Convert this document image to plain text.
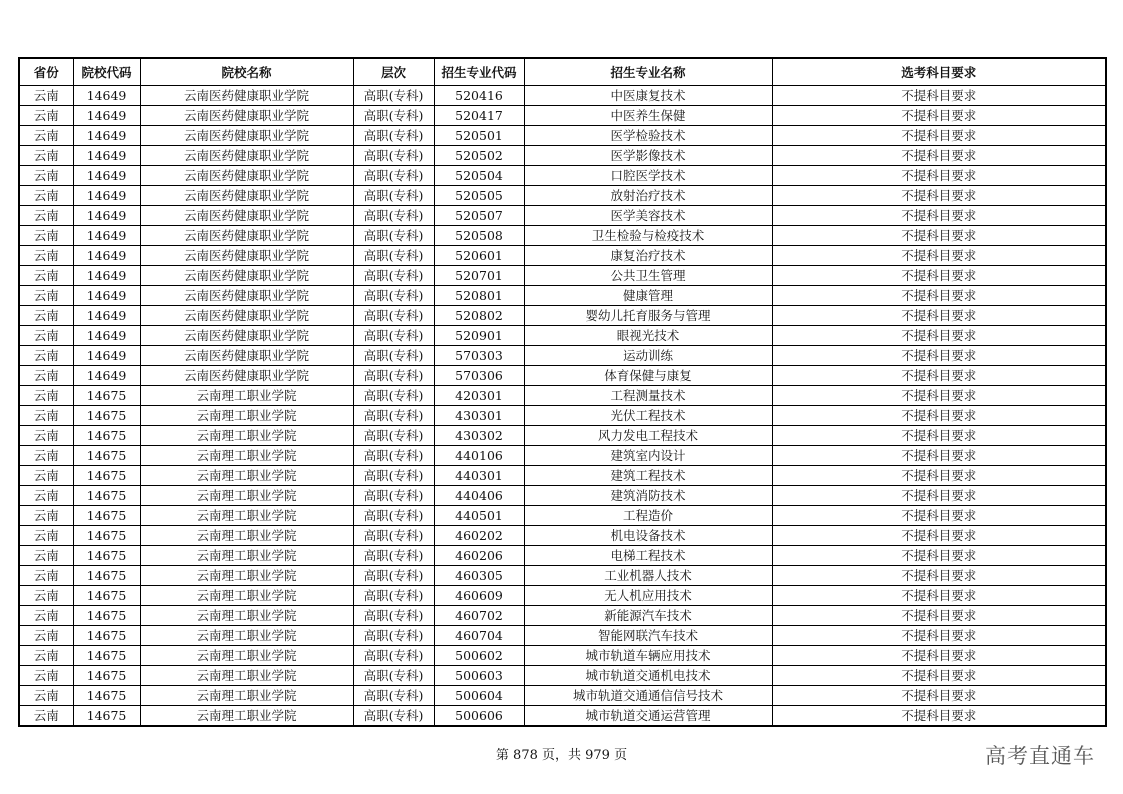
省份	院校代码	院校名称	层次	招生专业代码	招生专业名称	选考科目要求
云南	14649	云南医药健康职业学院	高职(专科)	520416	中医康复技术	不提科目要求
云南	14649	云南医药健康职业学院	高职(专科)	520417	中医养生保健	不提科目要求
云南	14649	云南医药健康职业学院	高职(专科)	520501	医学检验技术	不提科目要求
云南	14649	云南医药健康职业学院	高职(专科)	520502	医学影像技术	不提科目要求
云南	14649	云南医药健康职业学院	高职(专科)	520504	口腔医学技术	不提科目要求
云南	14649	云南医药健康职业学院	高职(专科)	520505	放射治疗技术	不提科目要求
云南	14649	云南医药健康职业学院	高职(专科)	520507	医学美容技术	不提科目要求
云南	14649	云南医药健康职业学院	高职(专科)	520508	卫生检验与检疫技术	不提科目要求
云南	14649	云南医药健康职业学院	高职(专科)	520601	康复治疗技术	不提科目要求
云南	14649	云南医药健康职业学院	高职(专科)	520701	公共卫生管理	不提科目要求
云南	14649	云南医药健康职业学院	高职(专科)	520801	健康管理	不提科目要求
云南	14649	云南医药健康职业学院	高职(专科)	520802	婴幼儿托育服务与管理	不提科目要求
云南	14649	云南医药健康职业学院	高职(专科)	520901	眼视光技术	不提科目要求
云南	14649	云南医药健康职业学院	高职(专科)	570303	运动训练	不提科目要求
云南	14649	云南医药健康职业学院	高职(专科)	570306	体育保健与康复	不提科目要求
云南	14675	云南理工职业学院	高职(专科)	420301	工程测量技术	不提科目要求
云南	14675	云南理工职业学院	高职(专科)	430301	光伏工程技术	不提科目要求
云南	14675	云南理工职业学院	高职(专科)	430302	风力发电工程技术	不提科目要求
云南	14675	云南理工职业学院	高职(专科)	440106	建筑室内设计	不提科目要求
云南	14675	云南理工职业学院	高职(专科)	440301	建筑工程技术	不提科目要求
云南	14675	云南理工职业学院	高职(专科)	440406	建筑消防技术	不提科目要求
云南	14675	云南理工职业学院	高职(专科)	440501	工程造价	不提科目要求
云南	14675	云南理工职业学院	高职(专科)	460202	机电设备技术	不提科目要求
云南	14675	云南理工职业学院	高职(专科)	460206	电梯工程技术	不提科目要求
云南	14675	云南理工职业学院	高职(专科)	460305	工业机器人技术	不提科目要求
云南	14675	云南理工职业学院	高职(专科)	460609	无人机应用技术	不提科目要求
云南	14675	云南理工职业学院	高职(专科)	460702	新能源汽车技术	不提科目要求
云南	14675	云南理工职业学院	高职(专科)	460704	智能网联汽车技术	不提科目要求
云南	14675	云南理工职业学院	高职(专科)	500602	城市轨道车辆应用技术	不提科目要求
云南	14675	云南理工职业学院	高职(专科)	500603	城市轨道交通机电技术	不提科目要求
云南	14675	云南理工职业学院	高职(专科)	500604	城市轨道交通通信信号技术	不提科目要求
云南	14675	云南理工职业学院	高职(专科)	500606	城市轨道交通运营管理	不提科目要求
第 878 页，共 979 页	高考直通车
